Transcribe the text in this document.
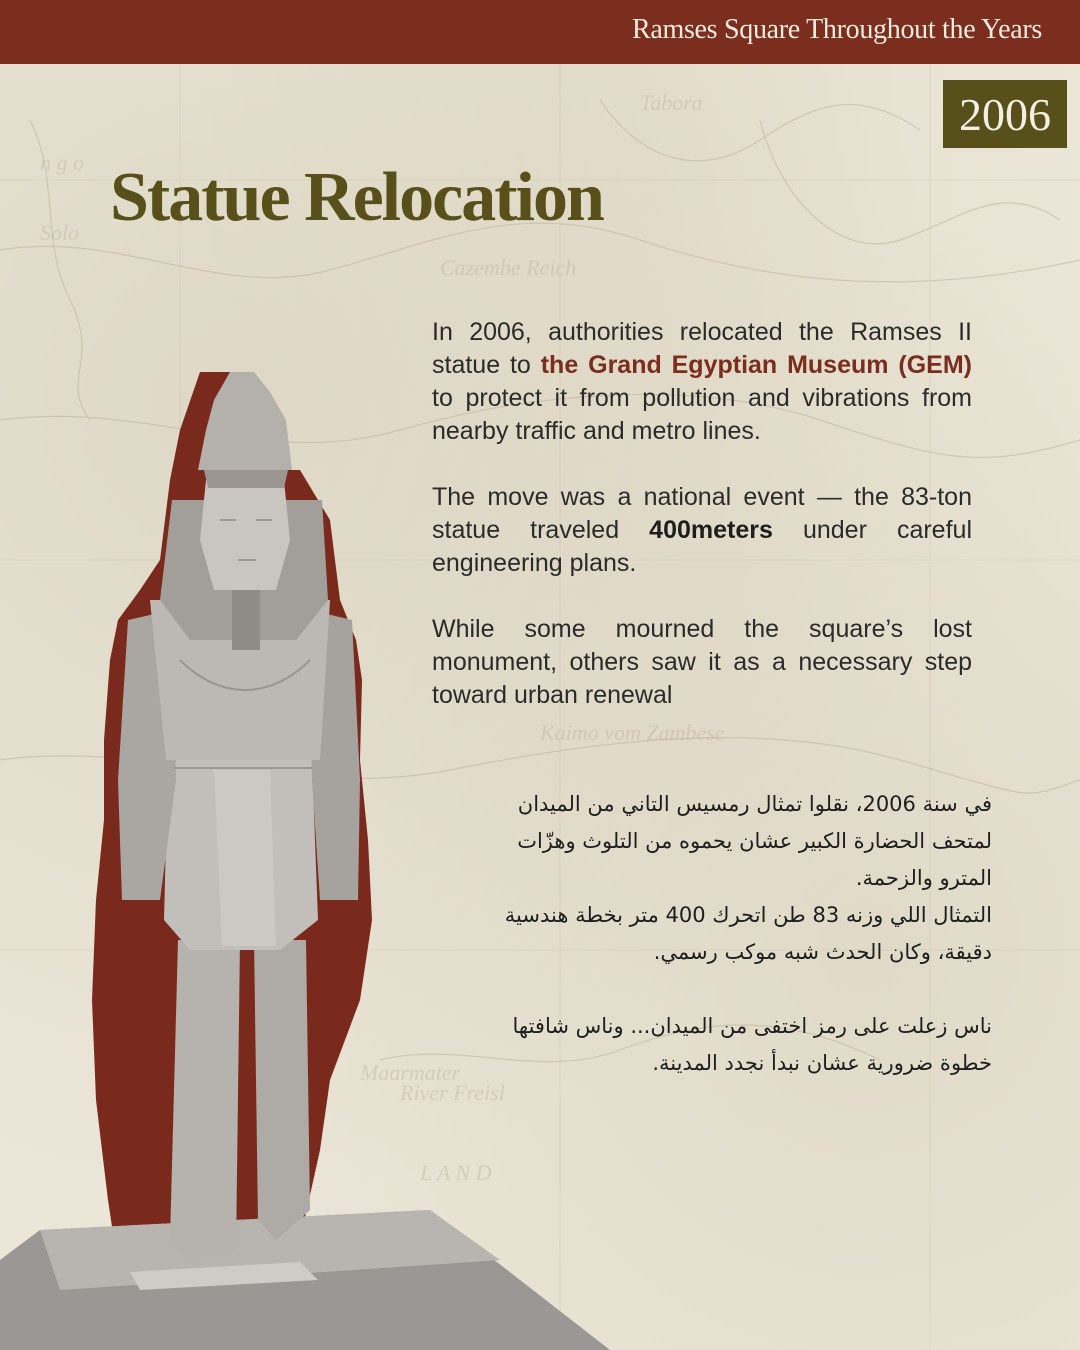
Tabora
Cazembe Reich
Kaimo vom Zambese
River Freisl
L A N D
n g o
Solo
Maarmater
Ramses Square Throughout the Years
2006
Statue Relocation

In 2006, authorities relocated the Ramses II statue to the Grand Egyptian Museum (GEM) to protect it from pollution and vibrations from nearby traffic and metro lines.

The move was a national event — the 83-ton statue traveled 400meters under careful engineering plans.

While some mourned the square’s lost monument, others saw it as a necessary step toward urban renewal

في سنة 2006، نقلوا تمثال رمسيس التاني من الميدان
لمتحف الحضارة الكبير عشان يحموه من التلوث وهزّات
المترو والزحمة.
التمثال اللي وزنه 83 طن اتحرك 400 متر بخطة هندسية
دقيقة، وكان الحدث شبه موكب رسمي.

ناس زعلت على رمز اختفى من الميدان... وناس شافتها
خطوة ضرورية عشان نبدأ نجدد المدينة.
